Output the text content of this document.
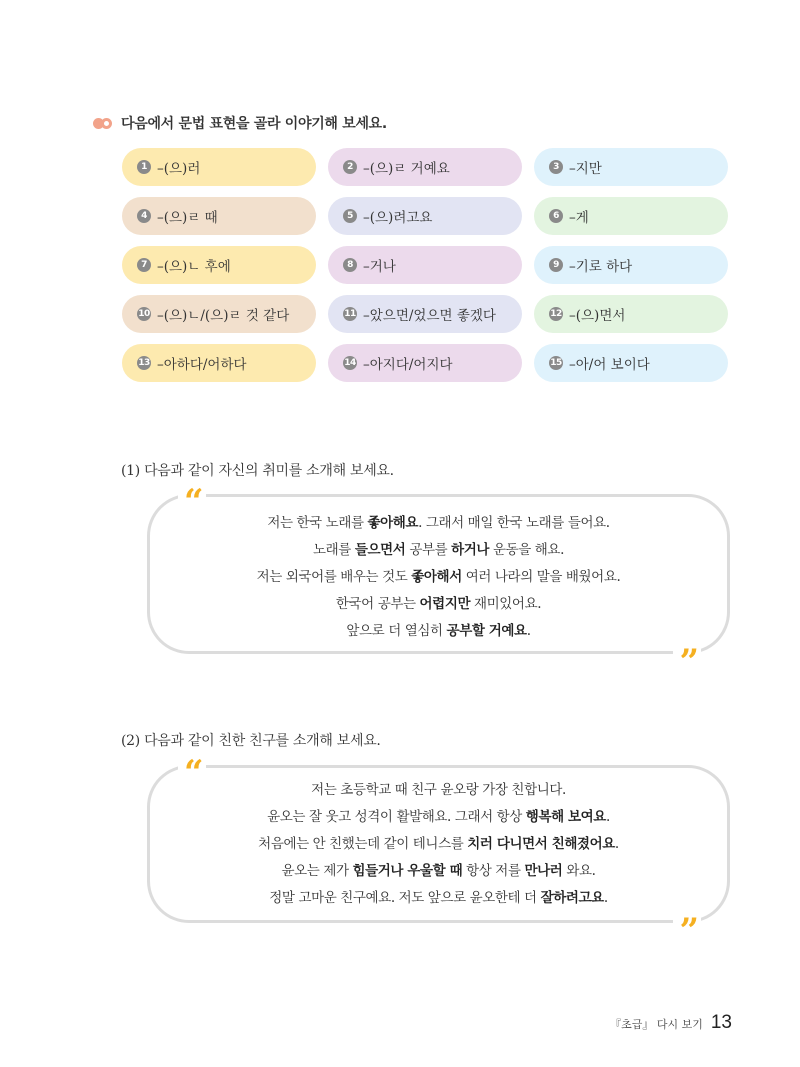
다음에서 문법 표현을 골라 이야기해 보세요.
1 –(으)러	2 –(으)ㄹ 거예요	3 –지만
4 –(으)ㄹ 때	5 –(으)려고요	6 –게
7 –(으)ㄴ 후에	8 –거나	9 –기로 하다
10 –(으)ㄴ/(으)ㄹ 것 같다	11 –았으면/었으면 좋겠다	12 –(으)면서
13 –아하다/어하다	14 –아지다/어지다	15 –아/어 보이다
(1) 다음과 같이 자신의 취미를 소개해 보세요.
“
저는 한국 노래를 좋아해요. 그래서 매일 한국 노래를 들어요.
노래를 들으면서 공부를 하거나 운동을 해요.
저는 외국어를 배우는 것도 좋아해서 여러 나라의 말을 배웠어요.
한국어 공부는 어렵지만 재미있어요.
앞으로 더 열심히 공부할 거예요.
”
(2) 다음과 같이 친한 친구를 소개해 보세요.
“	저는 초등학교 때 친구 윤오랑 가장 친합니다.
윤오는 잘 웃고 성격이 활발해요. 그래서 항상 행복해 보여요.
처음에는 안 친했는데 같이 테니스를 치러 다니면서 친해졌어요.
윤오는 제가 힘들거나 우울할 때 항상 저를 만나러 와요.
정말 고마운 친구예요. 저도 앞으로 윤오한테 더 잘하려고요.
”
『초급』 다시 보기 13
